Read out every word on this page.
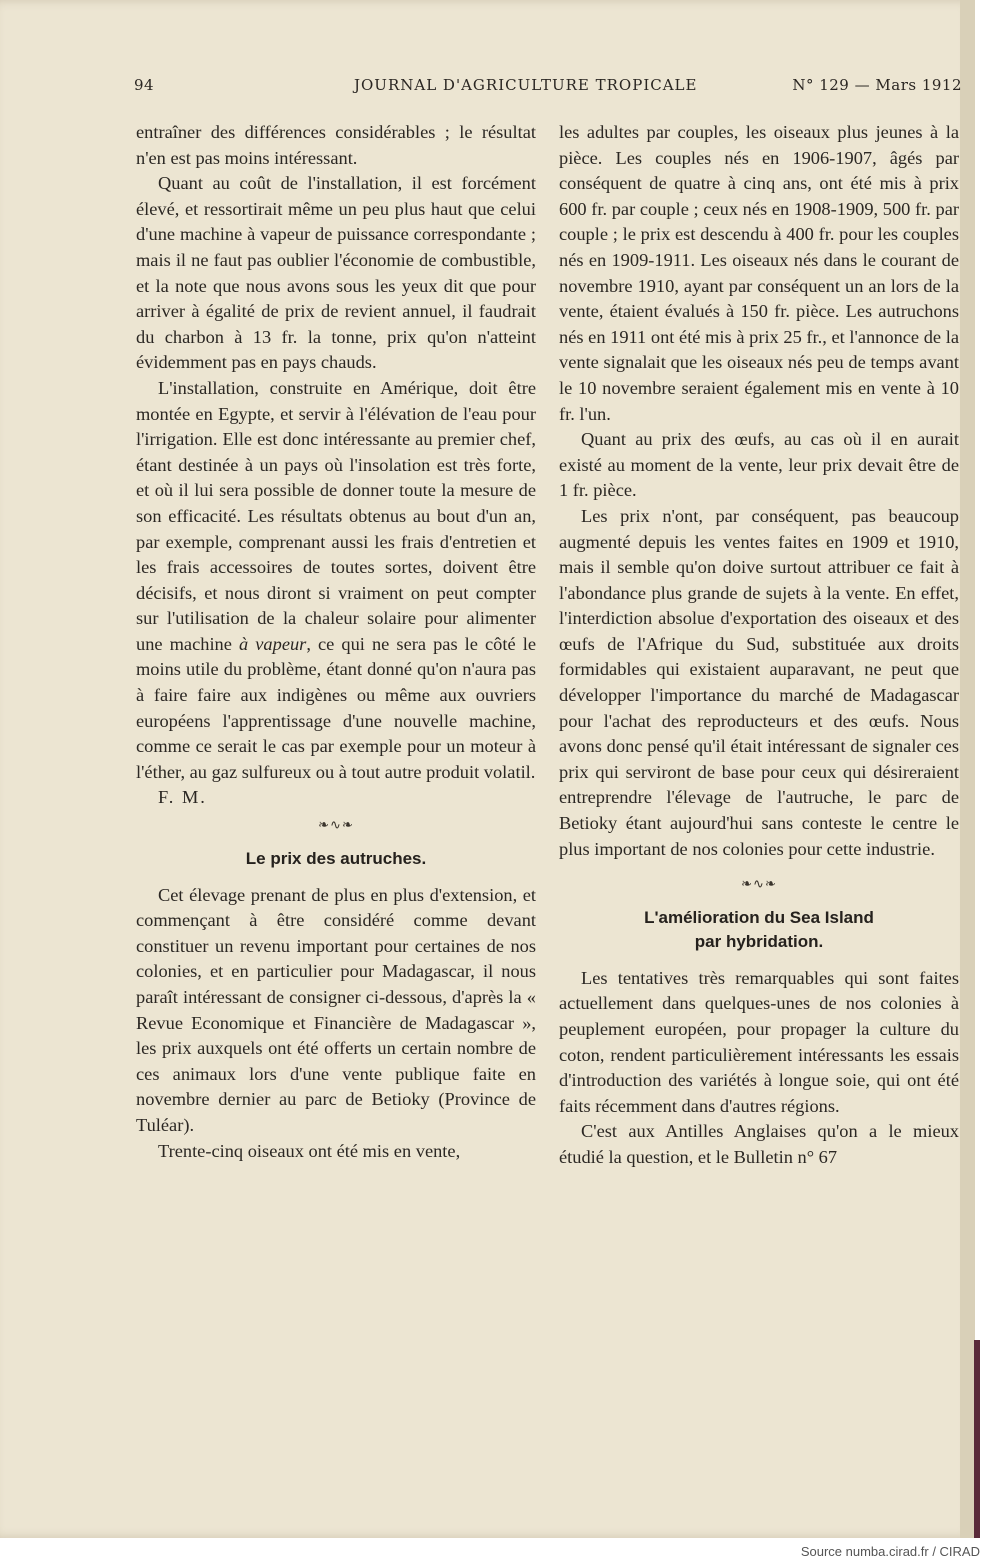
94	JOURNAL D'AGRICULTURE TROPICALE	N° 129 — Mars 1912

entraîner des différences considérables ; le résultat n'en est pas moins intéressant.

Quant au coût de l'installation, il est forcément élevé, et ressortirait même un peu plus haut que celui d'une machine à vapeur de puissance correspondante ; mais il ne faut pas oublier l'économie de combustible, et la note que nous avons sous les yeux dit que pour arriver à égalité de prix de revient annuel, il faudrait du charbon à 13 fr. la tonne, prix qu'on n'atteint évidemment pas en pays chauds.

L'installation, construite en Amérique, doit être montée en Egypte, et servir à l'élévation de l'eau pour l'irrigation. Elle est donc intéressante au premier chef, étant destinée à un pays où l'insolation est très forte, et où il lui sera possible de donner toute la mesure de son efficacité. Les résultats obtenus au bout d'un an, par exemple, comprenant aussi les frais d'entretien et les frais accessoires de toutes sortes, doivent être décisifs, et nous diront si vraiment on peut compter sur l'utilisation de la chaleur solaire pour alimenter une machine à vapeur, ce qui ne sera pas le côté le moins utile du problème, étant donné qu'on n'aura pas à faire faire aux indigènes ou même aux ouvriers européens l'apprentissage d'une nouvelle machine, comme ce serait le cas par exemple pour un moteur à l'éther, au gaz sulfureux ou à tout autre produit volatil.

F. M.

❧∿❧
Le prix des autruches.

Cet élevage prenant de plus en plus d'extension, et commençant à être considéré comme devant constituer un revenu important pour certaines de nos colonies, et en particulier pour Madagascar, il nous paraît intéressant de consigner ci-dessous, d'après la « Revue Economique et Financière de Madagascar », les prix auxquels ont été offerts un certain nombre de ces animaux lors d'une vente publique faite en novembre dernier au parc de Betioky (Province de Tuléar).

Trente-cinq oiseaux ont été mis en vente,

les adultes par couples, les oiseaux plus jeunes à la pièce. Les couples nés en 1906-1907, âgés par conséquent de quatre à cinq ans, ont été mis à prix 600 fr. par couple ; ceux nés en 1908-1909, 500 fr. par couple ; le prix est descendu à 400 fr. pour les couples nés en 1909-1911. Les oiseaux nés dans le courant de novembre 1910, ayant par conséquent un an lors de la vente, étaient évalués à 150 fr. pièce. Les autruchons nés en 1911 ont été mis à prix 25 fr., et l'annonce de la vente signalait que les oiseaux nés peu de temps avant le 10 novembre seraient également mis en vente à 10 fr. l'un.

Quant au prix des œufs, au cas où il en aurait existé au moment de la vente, leur prix devait être de 1 fr. pièce.

Les prix n'ont, par conséquent, pas beaucoup augmenté depuis les ventes faites en 1909 et 1910, mais il semble qu'on doive surtout attribuer ce fait à l'abondance plus grande de sujets à la vente. En effet, l'interdiction absolue d'exportation des oiseaux et des œufs de l'Afrique du Sud, substituée aux droits formidables qui existaient auparavant, ne peut que développer l'importance du marché de Madagascar pour l'achat des reproducteurs et des œufs. Nous avons donc pensé qu'il était intéressant de signaler ces prix qui serviront de base pour ceux qui désireraient entreprendre l'élevage de l'autruche, le parc de Betioky étant aujourd'hui sans conteste le centre le plus important de nos colonies pour cette industrie.

❧∿❧
L'amélioration du Sea Island
par hybridation.

Les tentatives très remarquables qui sont faites actuellement dans quelques-unes de nos colonies à peuplement européen, pour propager la culture du coton, rendent particulièrement intéressants les essais d'introduction des variétés à longue soie, qui ont été faits récemment dans d'autres régions.

C'est aux Antilles Anglaises qu'on a le mieux étudié la question, et le Bulletin n° 67

Source numba.cirad.fr / CIRAD
